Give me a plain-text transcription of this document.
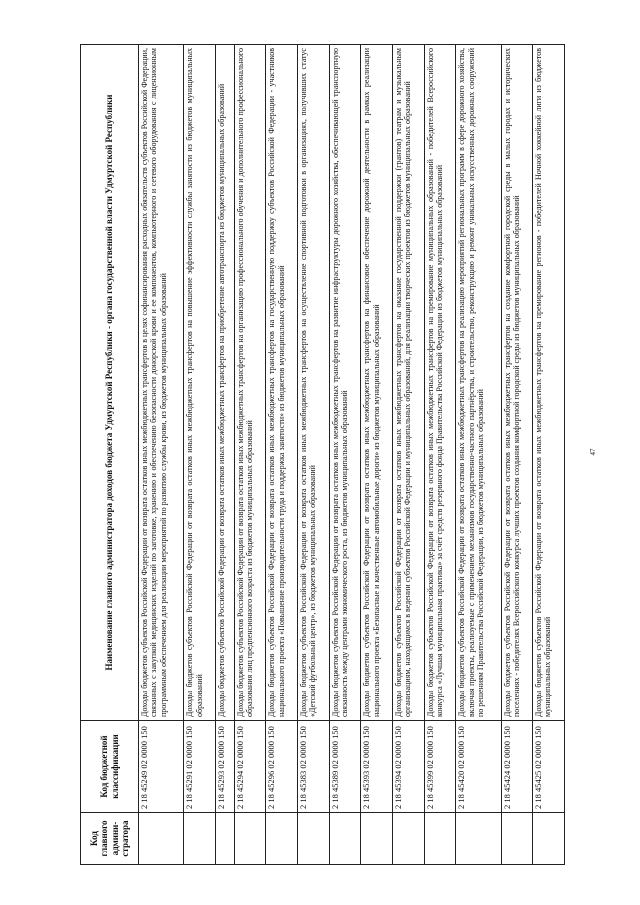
47
Код главного админи-стратора	Код бюджетной классификации	Наименование главного администратора доходов бюджета Удмуртской Республики - органа государственной власти Удмуртской Республики
	2 18 45249 02 0000 150	Доходы бюджетов субъектов Российской Федерации от возврата остатков иных межбюджетных трансфертов в целях софинансирования расходных обязательств субъектов Российской Федерации, связанных с закупкой медицинских изделий по заготовке, хранению и обеспечению безопасности донорской крови и ее компонентов, компьютерного и сетевого оборудования с лицензионным программным обеспечением для реализации мероприятий по развитию службы крови, из бюджетов муниципальных образований
	2 18 45291 02 0000 150	Доходы бюджетов субъектов Российской Федерации от возврата остатков иных межбюджетных трансфертов на повышение эффективности службы занятости из бюджетов муниципальных образований
	2 18 45293 02 0000 150	Доходы бюджетов субъектов Российской Федерации от возврата остатков иных межбюджетных трансфертов на приобретение автотранспорта из бюджетов муниципальных образований
	2 18 45294 02 0000 150	Доходы бюджетов субъектов Российской Федерации от возврата остатков иных межбюджетных трансфертов на организацию профессионального обучения и дополнительного профессионального образования лиц предпенсионного возраста из бюджетов муниципальных образований
	2 18 45296 02 0000 150	Доходы бюджетов субъектов Российской Федерации от возврата остатков иных межбюджетных трансфертов на государственную поддержку субъектов Российской Федерации - участников национального проекта «Повышение производительности труда и поддержка занятости» из бюджетов муниципальных образований
	2 18 45383 02 0000 150	Доходы бюджетов субъектов Российской Федерации от возврата остатков иных межбюджетных трансфертов на осуществление спортивной подготовки в организациях, получивших статус «Детский футбольный центр», из бюджетов муниципальных образований
	2 18 45389 02 0000 150	Доходы бюджетов субъектов Российской Федерации от возврата остатков иных межбюджетных трансфертов на развитие инфраструктуры дорожного хозяйства, обеспечивающей транспортную связанность между центрами экономического роста, из бюджетов муниципальных образований
	2 18 45393 02 0000 150	Доходы бюджетов субъектов Российской Федерации от возврата остатков иных межбюджетных трансфертов на финансовое обеспечение дорожной деятельности в рамках реализации национального проекта «Безопасные и качественные автомобильные дороги» из бюджетов муниципальных образований
	2 18 45394 02 0000 150	Доходы бюджетов субъектов Российской Федерации от возврата остатков иных межбюджетных трансфертов на оказание государственной поддержки (грантов) театрам и музыкальным организациям, находящимся в ведении субъектов Российской Федерации и муниципальных образований, для реализации творческих проектов из бюджетов муниципальных образований
	2 18 45399 02 0000 150	Доходы бюджетов субъектов Российской Федерации от возврата остатков иных межбюджетных трансфертов на премирование муниципальных образований - победителей Всероссийского конкурса «Лучшая муниципальная практика» за счёт средств резервного фонда Правительства Российской Федерации из бюджетов муниципальных образований
	2 18 45420 02 0000 150	Доходы бюджетов субъектов Российской Федерации от возврата остатков иных межбюджетных трансфертов на реализацию мероприятий региональных программ в сфере дорожного хозяйства, включая проекты, реализуемые с применением механизмов государственно-частного партнёрства, и строительство, реконструкцию и ремонт уникальных искусственных дорожных сооружений по решениям Правительства Российской Федерации, из бюджетов муниципальных образований
	2 18 45424 02 0000 150	Доходы бюджетов субъектов Российской Федерации от возврата остатков иных межбюджетных трансфертов на создание комфортной городской среды в малых городах и исторических поселениях - победителях Всероссийского конкурса лучших проектов создания комфортной городской среды из бюджетов муниципальных образований
	2 18 45425 02 0000 150	Доходы бюджетов субъектов Российской Федерации от возврата остатков иных межбюджетных трансфертов на премирование регионов - победителей Ночной хоккейной лиги из бюджетов муниципальных образований
